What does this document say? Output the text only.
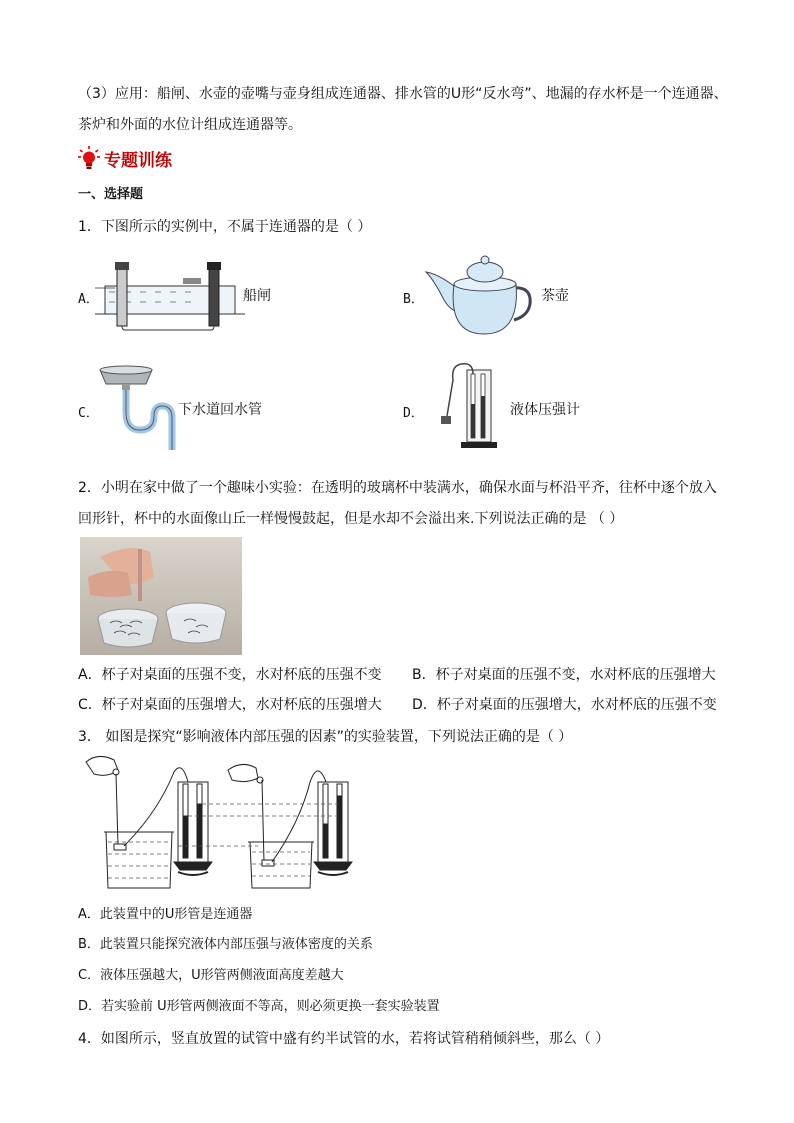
（3）应用：船闸、水壶的壶嘴与壶身组成连通器、排水管的U形“反水弯”、地漏的存水杯是一个连通器、
茶炉和外面的水位计组成连通器等。
专题训练
一、选择题
1．下图所示的实例中，不属于连通器的是（ ）
A．	船闸	B．	茶壶
C．	下水道回水管	D．	液体压强计
2．小明在家中做了一个趣味小实验：在透明的玻璃杯中装满水，确保水面与杯沿平齐，往杯中逐个放入
回形针，杯中的水面像山丘一样慢慢鼓起，但是水却不会溢出来.下列说法正确的是 （ ）
A．杯子对桌面的压强不变，水对杯底的压强不变 B．杯子对桌面的压强不变，水对杯底的压强增大
C．杯子对桌面的压强增大，水对杯底的压强增大 D．杯子对桌面的压强增大，水对杯底的压强不变
3． 如图是探究“影响液体内部压强的因素”的实验装置，下列说法正确的是（ ）
A．此装置中的U形管是连通器
B．此装置只能探究液体内部压强与液体密度的关系
C．液体压强越大，U形管两侧液面高度差越大
D．若实验前 U形管两侧液面不等高，则必须更换一套实验装置
4．如图所示，竖直放置的试管中盛有约半试管的水，若将试管稍稍倾斜些，那么（ ）
